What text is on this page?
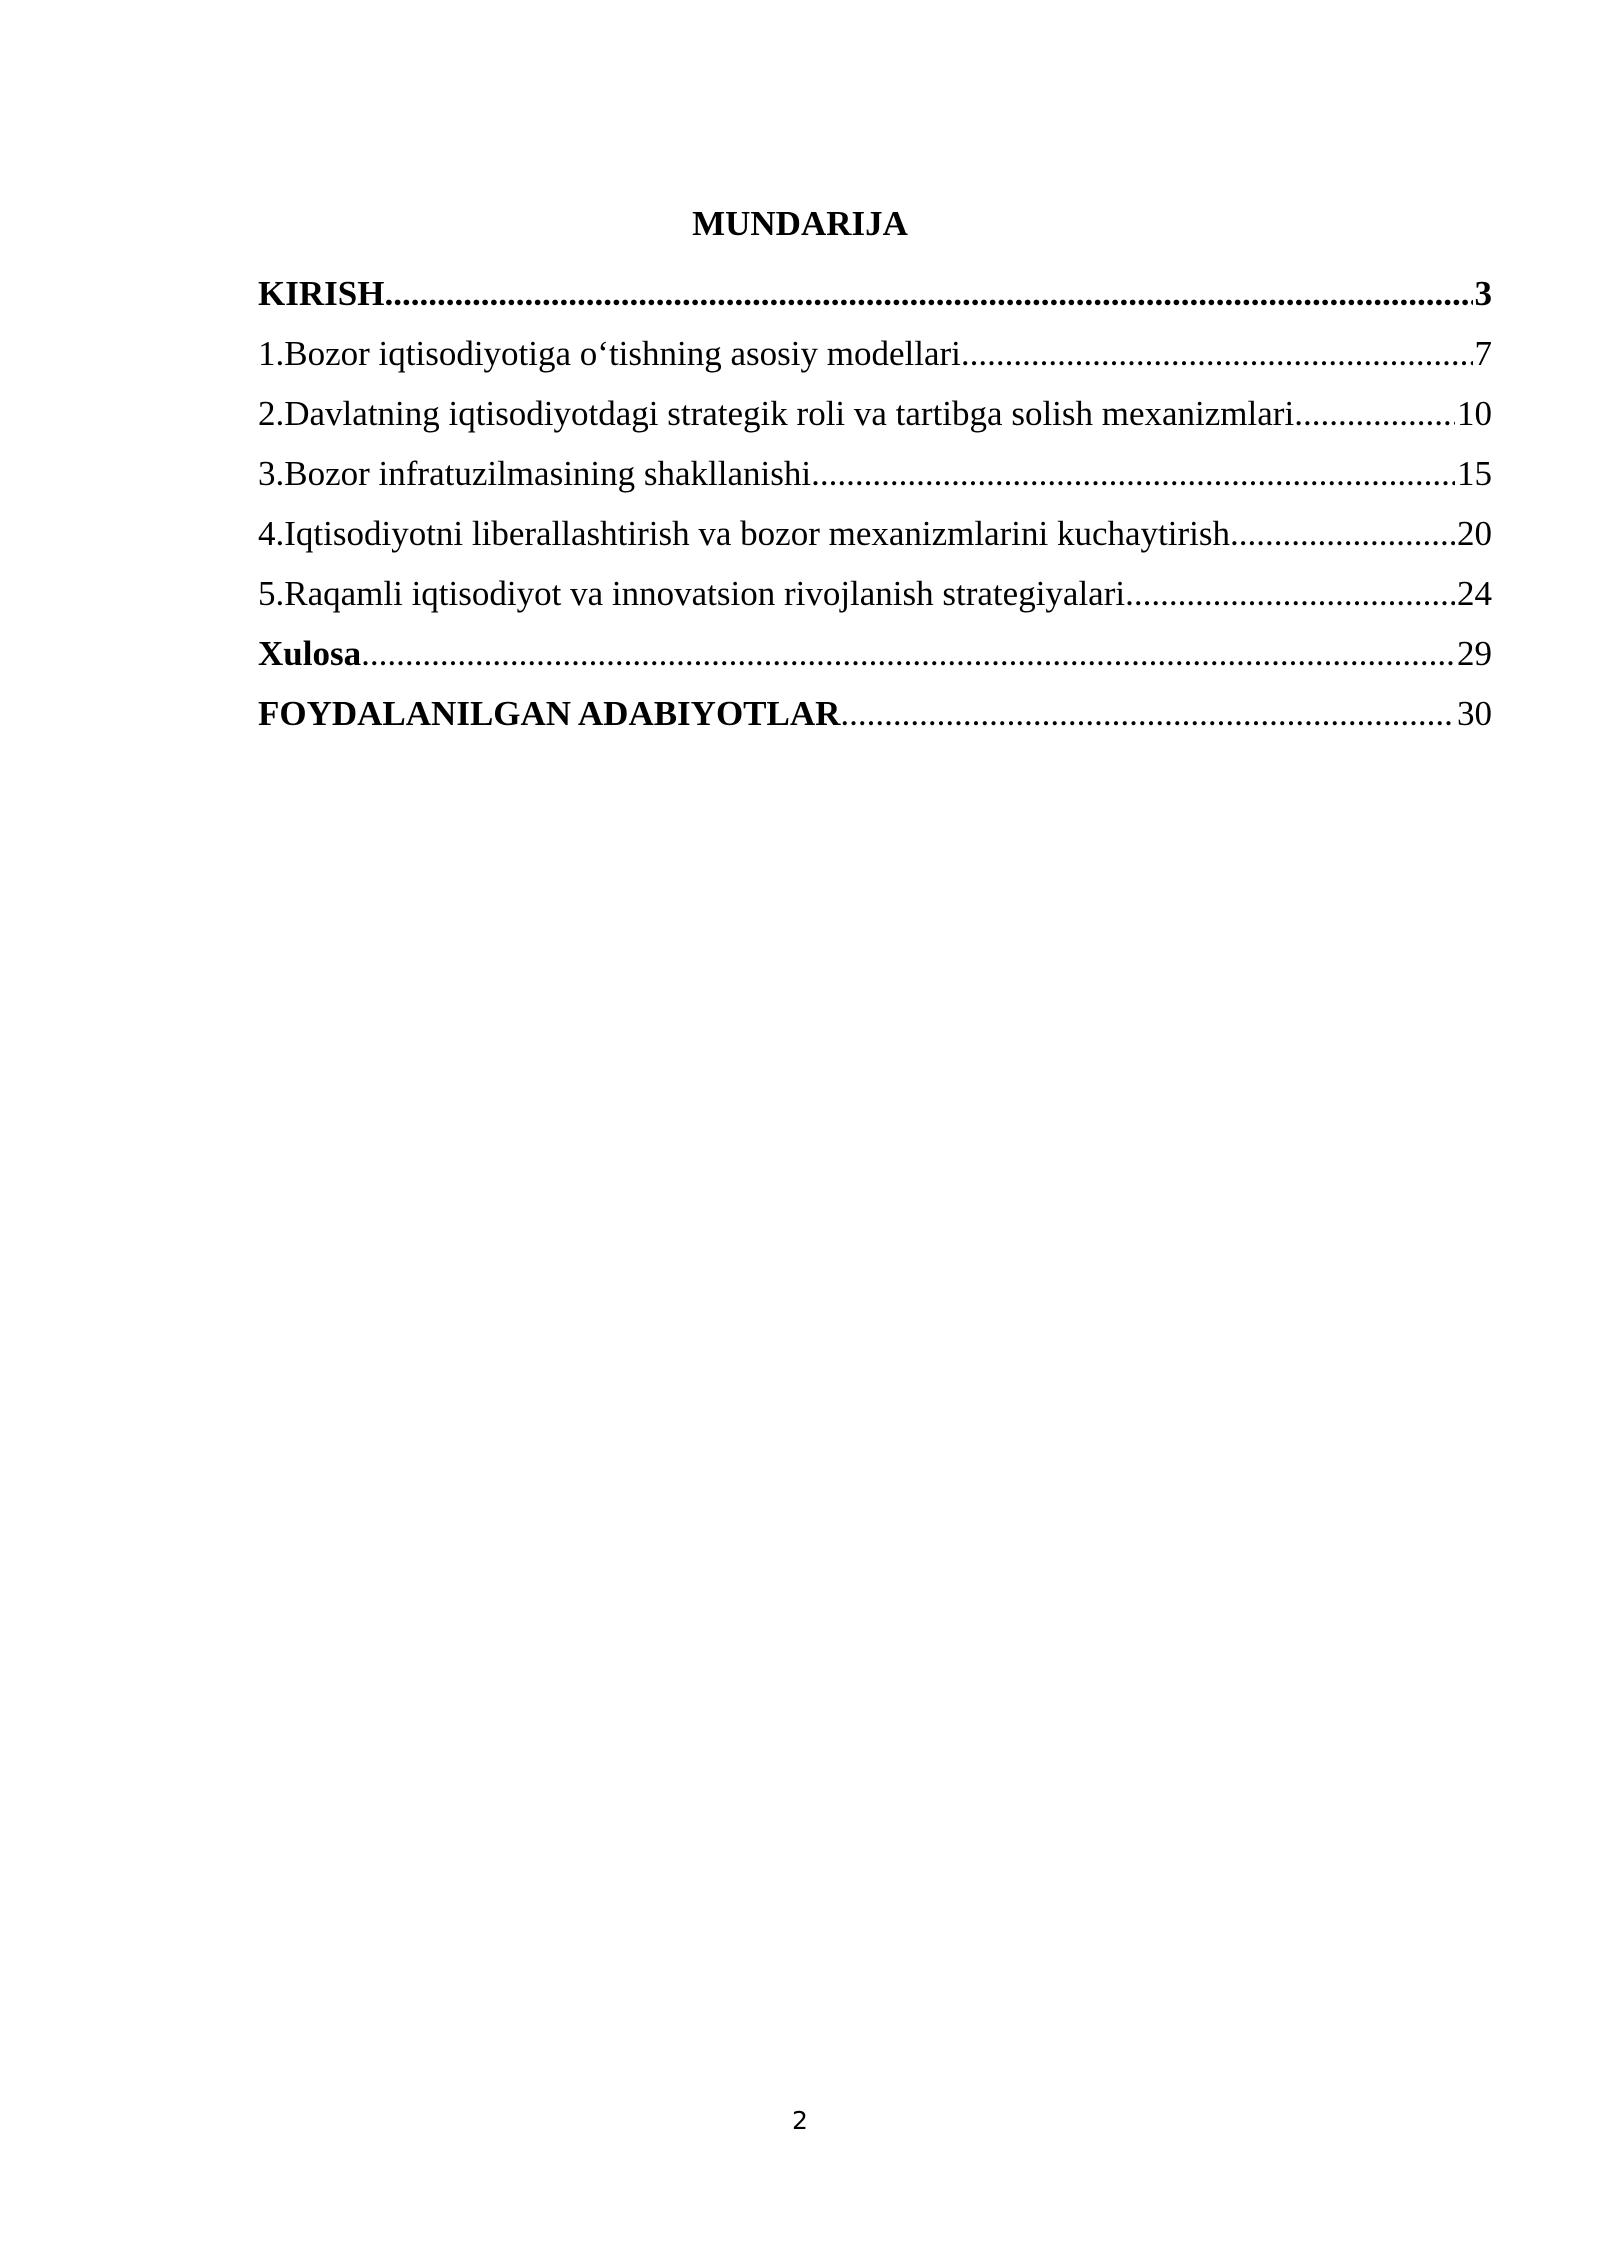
MUNDARIJA
KIRISH .....	3
1.Bozor iqtisodiyotiga o‘tishning asosiy modellari .....	7
2.Davlatning iqtisodiyotdagi strategik roli va tartibga solish mexanizmlari .....	10
3.Bozor infratuzilmasining shakllanishi .....	15
4.Iqtisodiyotni liberallashtirish va bozor mexanizmlarini kuchaytirish .....	20
5.Raqamli iqtisodiyot va innovatsion rivojlanish strategiyalari .....	24
Xulosa .....	29
FOYDALANILGAN ADABIYOTLAR .....	30
2
